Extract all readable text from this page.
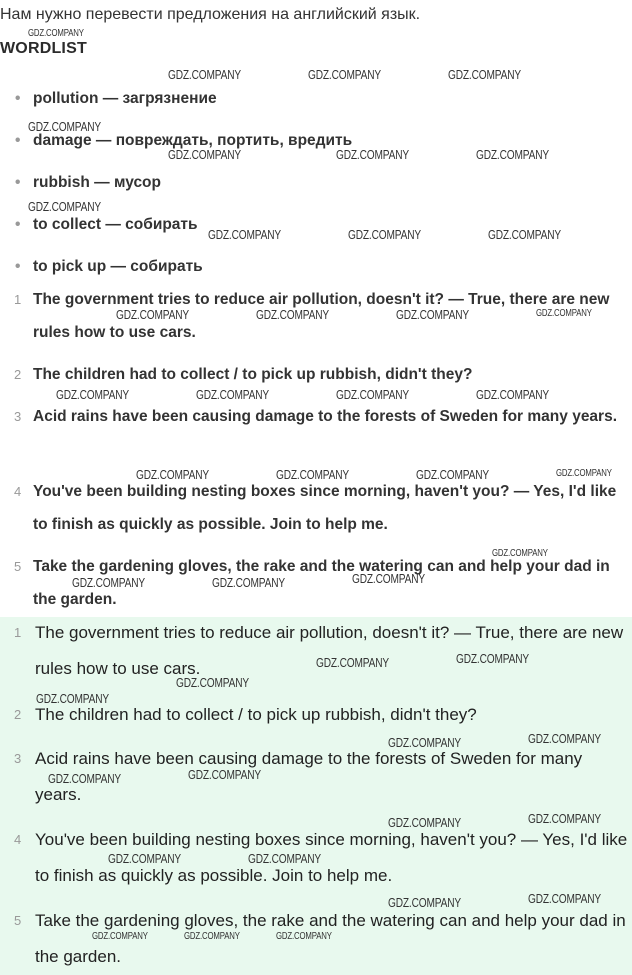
Нам нужно перевести предложения на английский язык.
WORDLIST
• pollution — загрязнение
• damage — повреждать, портить, вредить
• rubbish — мусор
• to collect — собирать
• to pick up — собирать
1 The government tries to reduce air pollution, doesn't it? — True, there are new rules how to use cars.
2 The children had to collect / to pick up rubbish, didn't they?
3 Acid rains have been causing damage to the forests of Sweden for many years.
4 You've been building nesting boxes since morning, haven't you? — Yes, I'd like to finish as quickly as possible. Join to help me.
5 Take the gardening gloves, the rake and the watering can and help your dad in the garden.
1 The government tries to reduce air pollution, doesn't it? — True, there are new rules how to use cars.
2 The children had to collect / to pick up rubbish, didn't they?
3 Acid rains have been causing damage to the forests of Sweden for many years.
4 You've been building nesting boxes since morning, haven't you? — Yes, I'd like to finish as quickly as possible. Join to help me.
5 Take the gardening gloves, the rake and the watering can and help your dad in the garden.
GDZ.COMPANY
GDZ.COMPANY	GDZ.COMPANY	GDZ.COMPANY
GDZ.COMPANY
GDZ.COMPANY	GDZ.COMPANY	GDZ.COMPANY
GDZ.COMPANY
GDZ.COMPANY	GDZ.COMPANY	GDZ.COMPANY
GDZ.COMPANY	GDZ.COMPANY	GDZ.COMPANY	GDZ.COMPANY
GDZ.COMPANY	GDZ.COMPANY	GDZ.COMPANY	GDZ.COMPANY
GDZ.COMPANY	GDZ.COMPANY	GDZ.COMPANY	GDZ.COMPANY
GDZ.COMPANY
GDZ.COMPANY	GDZ.COMPANY	GDZ.COMPANY
GDZ.COMPANY	GDZ.COMPANY
GDZ.COMPANY
GDZ.COMPANY
GDZ.COMPANY	GDZ.COMPANY
GDZ.COMPANY	GDZ.COMPANY
GDZ.COMPANY	GDZ.COMPANY
GDZ.COMPANY	GDZ.COMPANY
GDZ.COMPANY	GDZ.COMPANY
GDZ.COMPANY	GDZ.COMPANY	GDZ.COMPANY
